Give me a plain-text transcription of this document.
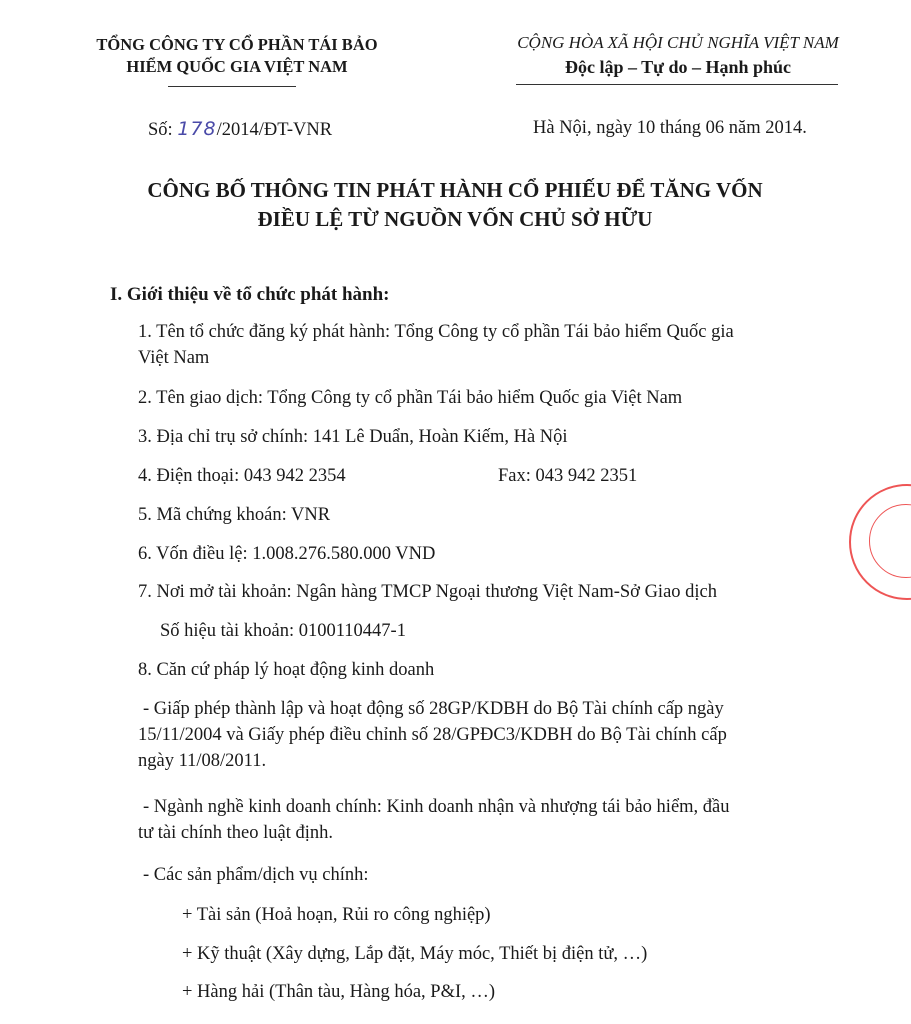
TỔNG CÔNG TY CỔ PHẦN TÁI BẢO
HIỂM QUỐC GIA VIỆT NAM
CỘNG HÒA XÃ HỘI CHỦ NGHĨA VIỆT NAM
Độc lập – Tự do – Hạnh phúc
Số: 178/2014/ĐT-VNR	Hà Nội, ngày 10 tháng 06 năm 2014.
CÔNG BỐ THÔNG TIN PHÁT HÀNH CỔ PHIẾU ĐỂ TĂNG VỐN
ĐIỀU LỆ TỪ NGUỒN VỐN CHỦ SỞ HỮU
I. Giới thiệu về tổ chức phát hành:
1. Tên tổ chức đăng ký phát hành: Tổng Công ty cổ phần Tái bảo hiểm Quốc gia
Việt Nam
2. Tên giao dịch: Tổng Công ty cổ phần Tái bảo hiểm Quốc gia Việt Nam
3. Địa chỉ trụ sở chính: 141 Lê Duẩn, Hoàn Kiếm, Hà Nội
4. Điện thoại: 043 942 2354	Fax: 043 942 2351
5. Mã chứng khoán: VNR
6. Vốn điều lệ: 1.008.276.580.000 VND
7. Nơi mở tài khoản: Ngân hàng TMCP Ngoại thương Việt Nam-Sở Giao dịch
Số hiệu tài khoản: 0100110447-1
8. Căn cứ pháp lý hoạt động kinh doanh
- Giấp phép thành lập và hoạt động số 28GP/KDBH do Bộ Tài chính cấp ngày
15/11/2004 và Giấy phép điều chỉnh số 28/GPĐC3/KDBH do Bộ Tài chính cấp
ngày 11/08/2011.
- Ngành nghề kinh doanh chính: Kinh doanh nhận và nhượng tái bảo hiểm, đầu
tư tài chính theo luật định.
- Các sản phẩm/dịch vụ chính:
+ Tài sản (Hoả hoạn, Rủi ro công nghiệp)
+ Kỹ thuật (Xây dựng, Lắp đặt, Máy móc, Thiết bị điện tử, …)
+ Hàng hải (Thân tàu, Hàng hóa, P&I, …)
